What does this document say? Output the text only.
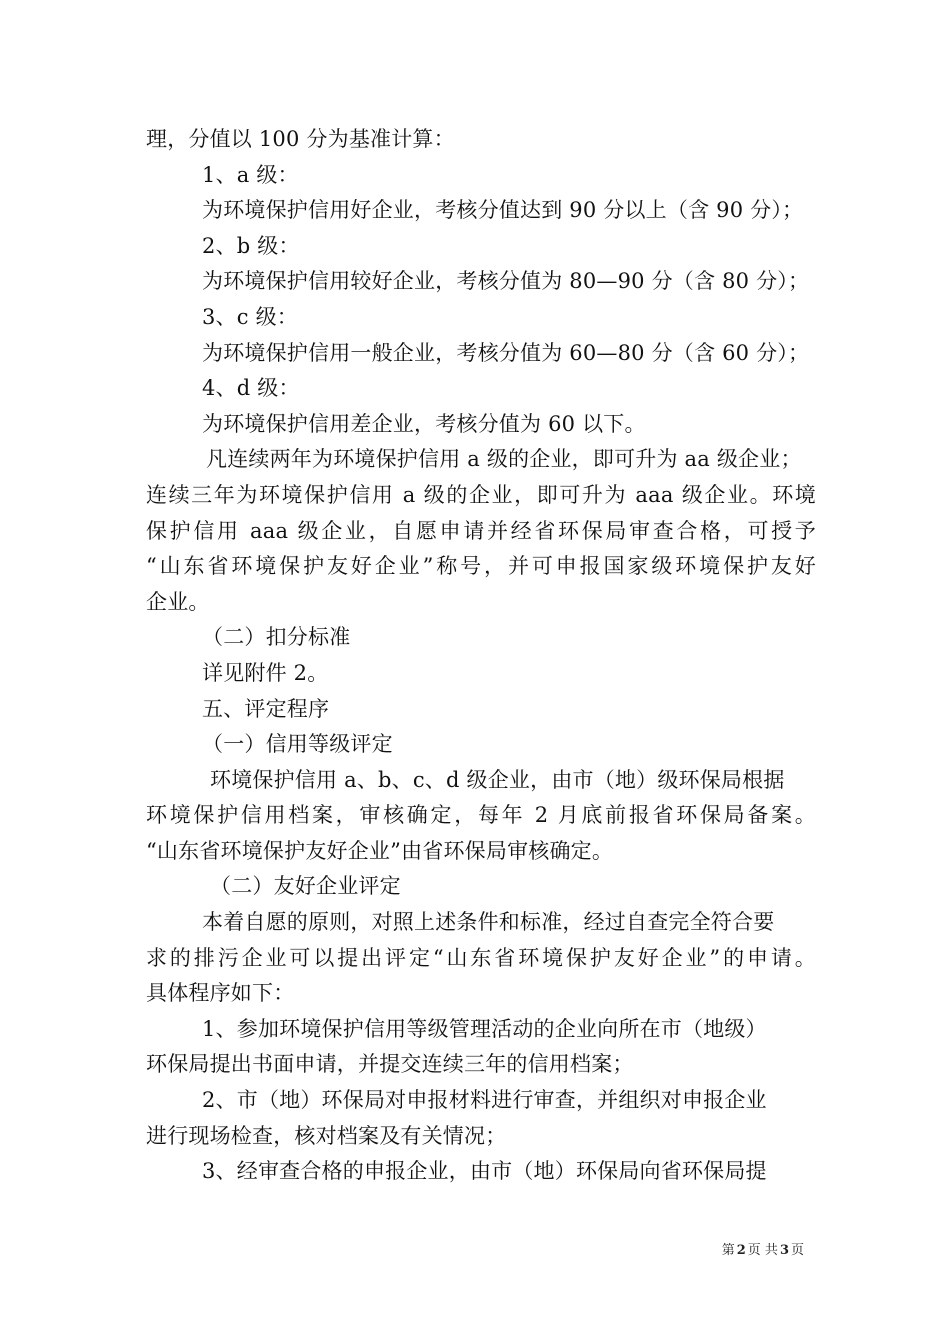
理，分值以 100 分为基准计算：
1、a 级：
为环境保护信用好企业，考核分值达到 90 分以上（含 90 分）；
2、b 级：
为环境保护信用较好企业，考核分值为 80—90 分（含 80 分）；
3、c 级：
为环境保护信用一般企业，考核分值为 60—80 分（含 60 分）；
4、d 级：
为环境保护信用差企业，考核分值为 60 以下。
凡连续两年为环境保护信用 a 级的企业，即可升为 aa 级企业；
连续三年为环境保护信用 a 级的企业，即可升为 aaa 级企业。环境
保护信用 aaa 级企业，自愿申请并经省环保局审查合格，可授予
“山东省环境保护友好企业”称号，并可申报国家级环境保护友好
企业。
（二）扣分标准
详见附件 2。
五、评定程序
（一）信用等级评定
环境保护信用 a、b、c、d 级企业，由市（地）级环保局根据
环境保护信用档案，审核确定，每年 2 月底前报省环保局备案。
“山东省环境保护友好企业”由省环保局审核确定。
（二）友好企业评定
本着自愿的原则，对照上述条件和标准，经过自查完全符合要
求的排污企业可以提出评定“山东省环境保护友好企业”的申请。
具体程序如下：
1、参加环境保护信用等级管理活动的企业向所在市（地级）
环保局提出书面申请，并提交连续三年的信用档案；
2、市（地）环保局对申报材料进行审查，并组织对申报企业
进行现场检查，核对档案及有关情况；
3、经审查合格的申报企业，由市（地）环保局向省环保局提
第 2 页 共 3 页
